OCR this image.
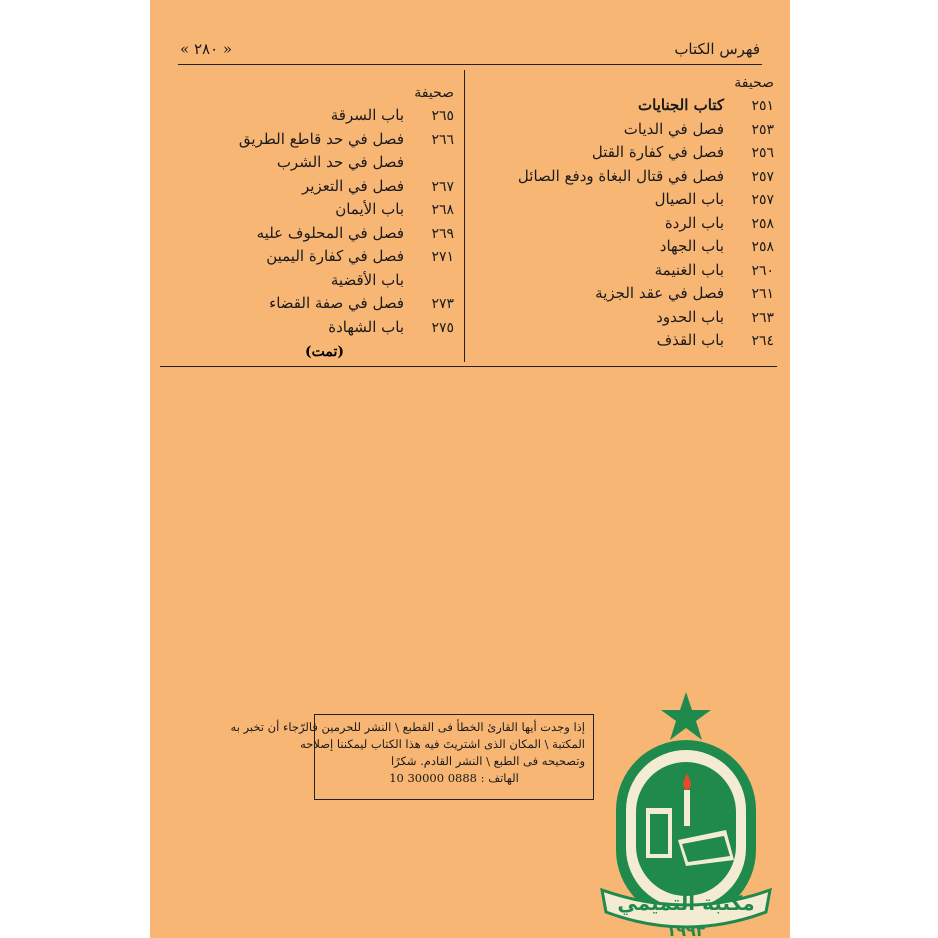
« ٢٨٠ »	فهرس الكتاب
صحيفة
٢٥١كتاب الجنايات
٢٥٣فصل في الديات
٢٥٦فصل في كفارة القتل
٢٥٧فصل في قتال البغاة ودفع الصائل
٢٥٧باب الصيال
٢٥٨باب الردة
٢٥٨باب الجهاد
٢٦٠باب الغنيمة
٢٦١فصل في عقد الجزية
٢٦٣باب الحدود
٢٦٤باب القذف
صحيفة
٢٦٥باب السرقة
٢٦٦فصل في حد قاطع الطريق
فصل في حد الشرب
٢٦٧فصل في التعزير
٢٦٨باب الأيمان
٢٦٩فصل في المحلوف عليه
٢٧١فصل في كفارة اليمين
باب الأقضية
٢٧٣فصل في صفة القضاء
٢٧٥باب الشهادة
(تمت)
إذا وجدت أيها القارئ الخطأ فى القطبع \ النشر للحرمين فالرّجاء أن تخبر به
المكتبة \ المكان الذى اشتريتَ فيه هذا الكتاب ليمكننا إصلاحه
وتصحيحه فى الطبع \ النشر القادم. شكرًا
الهاتف : 0888 30000 10
مكتبة التميمي
١٩٩٣
